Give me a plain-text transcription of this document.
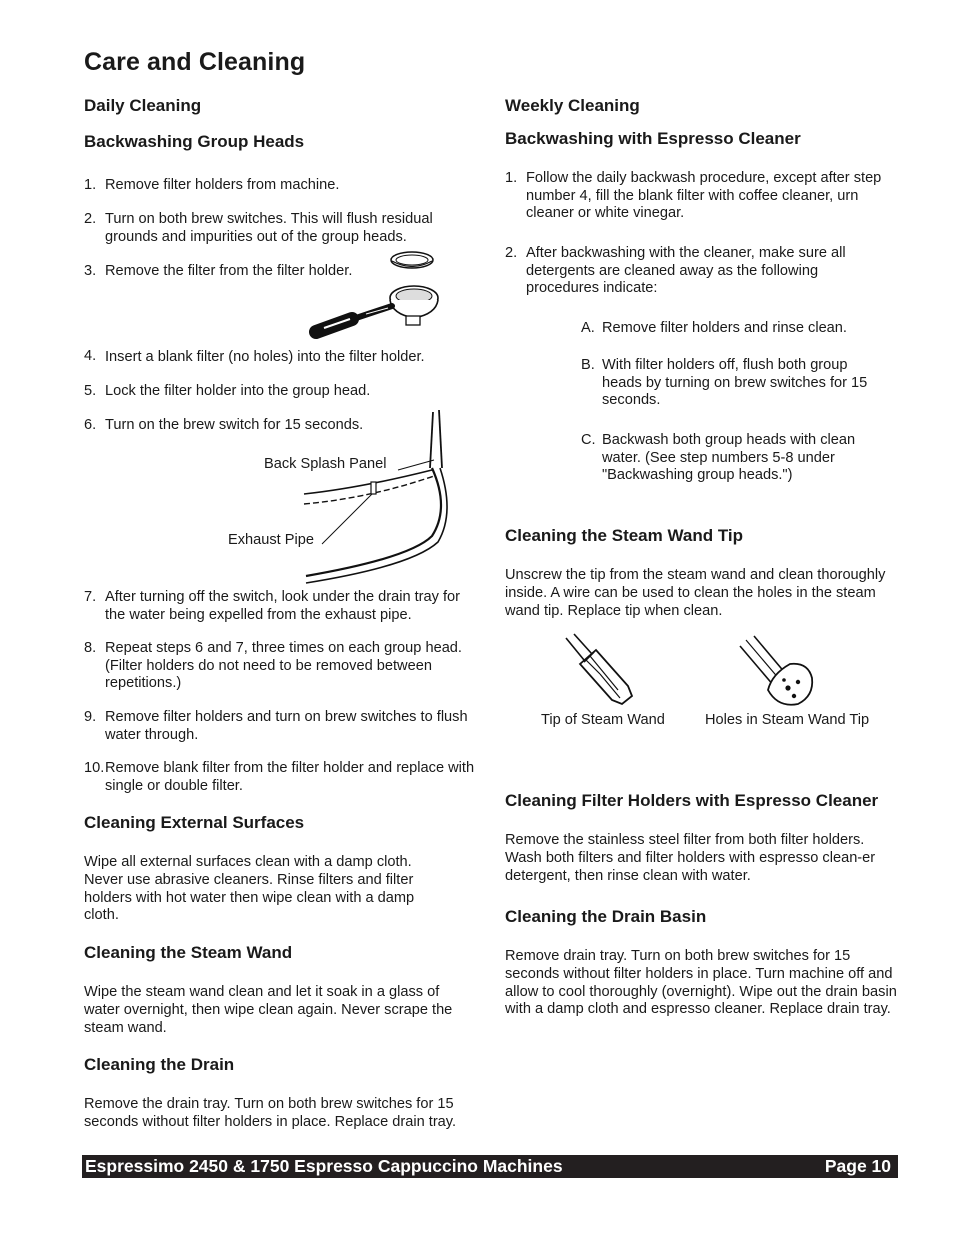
Care and Cleaning
Daily Cleaning
Backwashing Group Heads
1. Remove filter holders from machine.
2. Turn on both brew switches. This will flush residual grounds and impurities out of the group heads.
3. Remove the filter from the filter holder.
4. Insert a blank filter (no holes) into the filter holder.
5. Lock the filter holder into the group head.
6. Turn on the brew switch for 15 seconds.
Back Splash Panel
Exhaust Pipe
7. After turning off the switch, look under the drain tray for the water being expelled from the exhaust pipe.
8. Repeat steps 6 and 7, three times on each group head. (Filter holders do not need to be removed between repetitions.)
9. Remove filter holders and turn on brew switches to flush water through.
10. Remove blank filter from the filter holder and replace with single or double filter.
Cleaning External Surfaces
Wipe all external surfaces clean with a damp cloth. Never use abrasive cleaners. Rinse filters and filter holders with hot water then wipe clean with a damp cloth.
Cleaning the Steam Wand
Wipe the steam wand clean and let it soak in a glass of water overnight, then wipe clean again. Never scrape the steam wand.
Cleaning the Drain
Remove the drain tray. Turn on both brew switches for 15 seconds without filter holders in place. Replace drain tray.
Weekly Cleaning
Backwashing with Espresso Cleaner
1. Follow the daily backwash procedure, except after step number 4, fill the blank filter with coffee cleaner, urn cleaner or white vinegar.
2. After backwashing with the cleaner, make sure all detergents are cleaned away as the following procedures indicate:
A. Remove filter holders and rinse clean.
B. With filter holders off, flush both group heads by turning on brew switches for 15 seconds.
C. Backwash both group heads with clean water. (See step numbers 5-8 under "Backwashing group heads.")
Cleaning the Steam Wand Tip
Unscrew the tip from the steam wand and clean thoroughly inside. A wire can be used to clean the holes in the steam wand tip. Replace tip when clean.
Tip of Steam Wand	Holes in Steam Wand Tip
Cleaning Filter Holders with Espresso Cleaner
Remove the stainless steel filter from both filter holders. Wash both filters and filter holders with espresso clean-er detergent, then rinse clean with water.
Cleaning the Drain Basin
Remove drain tray. Turn on both brew switches for 15 seconds without filter holders in place. Turn machine off and allow to cool thoroughly (overnight). Wipe out the drain basin with a damp cloth and espresso cleaner. Replace drain tray.
Espressimo 2450 & 1750 Espresso Cappuccino Machines	Page 10
